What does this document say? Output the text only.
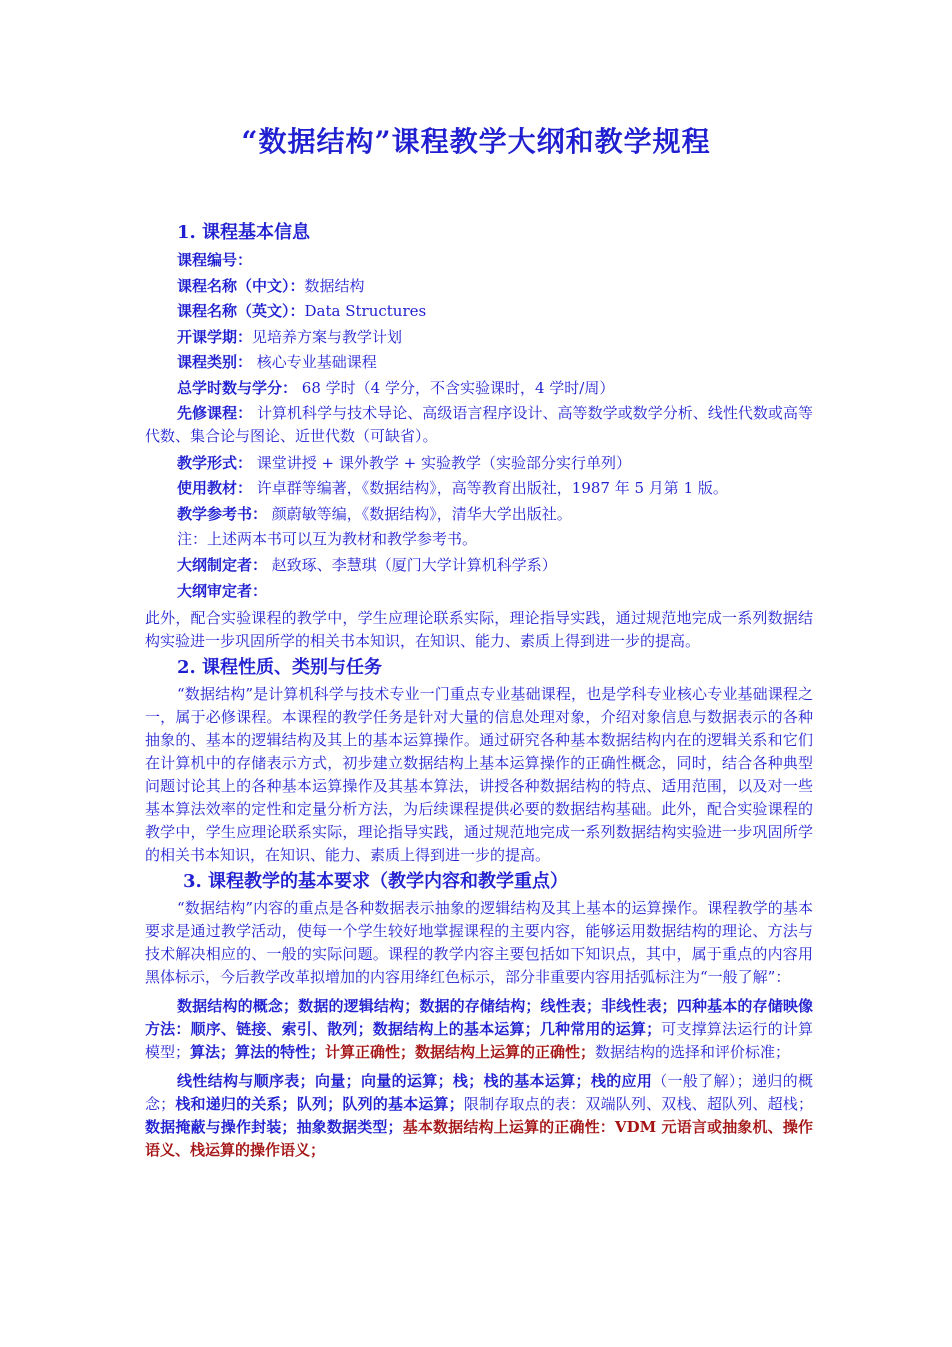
“数据结构”课程教学大纲和教学规程

1. 课程基本信息

课程编号：

课程名称（中文）：数据结构

课程名称（英文）：Data Structures

开课学期：见培养方案与教学计划

课程类别： 核心专业基础课程

总学时数与学分： 68 学时（4 学分，不含实验课时，4 学时/周）

先修课程： 计算机科学与技术导论、高级语言程序设计、高等数学或数学分析、线性代数或高等代数、集合论与图论、近世代数（可缺省）。

教学形式： 课堂讲授 + 课外教学 + 实验教学（实验部分实行单列）

使用教材： 许卓群等编著，《数据结构》，高等教育出版社，1987 年 5 月第 1 版。

教学参考书： 颜蔚敏等编，《数据结构》，清华大学出版社。

注：上述两本书可以互为教材和教学参考书。

大纲制定者： 赵致琢、李慧琪（厦门大学计算机科学系）

大纲审定者：

此外，配合实验课程的教学中，学生应理论联系实际，理论指导实践，通过规范地完成一系列数据结构实验进一步巩固所学的相关书本知识，在知识、能力、素质上得到进一步的提高。

2. 课程性质、类别与任务

“数据结构”是计算机科学与技术专业一门重点专业基础课程，也是学科专业核心专业基础课程之一，属于必修课程。本课程的教学任务是针对大量的信息处理对象，介绍对象信息与数据表示的各种抽象的、基本的逻辑结构及其上的基本运算操作。通过研究各种基本数据结构内在的逻辑关系和它们在计算机中的存储表示方式，初步建立数据结构上基本运算操作的正确性概念，同时，结合各种典型问题讨论其上的各种基本运算操作及其基本算法，讲授各种数据结构的特点、适用范围，以及对一些基本算法效率的定性和定量分析方法，为后续课程提供必要的数据结构基础。此外，配合实验课程的教学中，学生应理论联系实际，理论指导实践，通过规范地完成一系列数据结构实验进一步巩固所学的相关书本知识，在知识、能力、素质上得到进一步的提高。

3. 课程教学的基本要求（教学内容和教学重点）

“数据结构”内容的重点是各种数据表示抽象的逻辑结构及其上基本的运算操作。课程教学的基本要求是通过教学活动，使每一个学生较好地掌握课程的主要内容，能够运用数据结构的理论、方法与技术解决相应的、一般的实际问题。课程的教学内容主要包括如下知识点，其中，属于重点的内容用黑体标示，今后教学改革拟增加的内容用绛红色标示，部分非重要内容用括弧标注为“一般了解”：

数据结构的概念；数据的逻辑结构；数据的存储结构；线性表；非线性表；四种基本的存储映像方法：顺序、链接、索引、散列；数据结构上的基本运算；几种常用的运算；可支撑算法运行的计算模型；算法；算法的特性；计算正确性；数据结构上运算的正确性；数据结构的选择和评价标准；

线性结构与顺序表；向量；向量的运算；栈；栈的基本运算；栈的应用（一般了解）；递归的概念；栈和递归的关系；队列；队列的基本运算；限制存取点的表：双端队列、双栈、超队列、超栈；数据掩蔽与操作封装；抽象数据类型；基本数据结构上运算的正确性：VDM 元语言或抽象机、操作语义、栈运算的操作语义；
